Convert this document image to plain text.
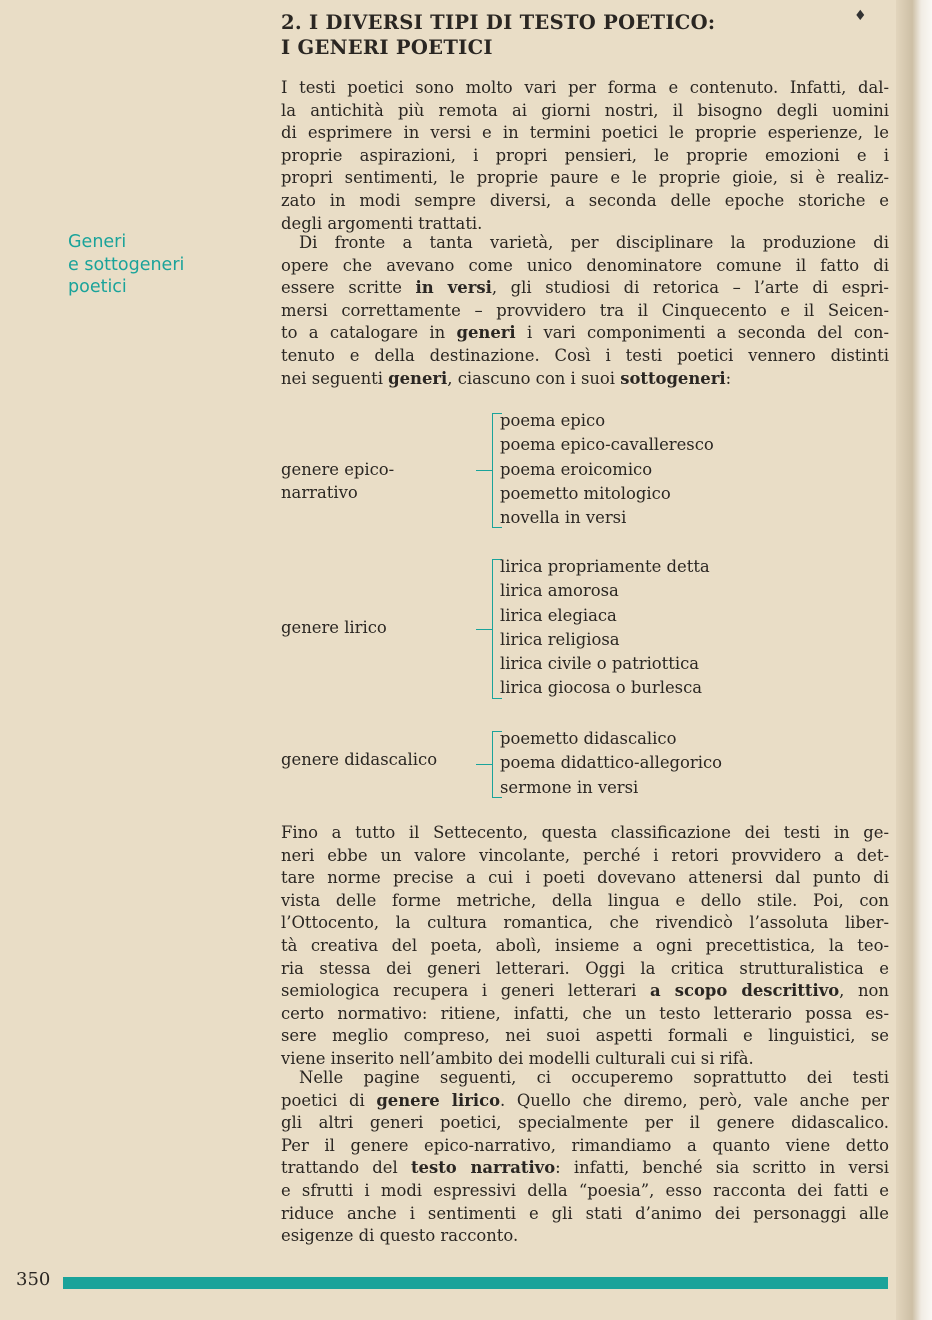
♦
2. I DIVERSI TIPI DI TESTO POETICO:
I GENERI POETICI
Generi
e sottogeneri
poetici
I testi poetici sono molto vari per forma e contenuto. Infatti, dal-
la antichità più remota ai giorni nostri, il bisogno degli uomini
di esprimere in versi e in termini poetici le proprie esperienze, le
proprie aspirazioni, i propri pensieri, le proprie emozioni e i
propri sentimenti, le proprie paure e le proprie gioie, si è realiz-
zato in modi sempre diversi, a seconda delle epoche storiche e
degli argomenti trattati.
Di fronte a tanta varietà, per disciplinare la produzione di
opere che avevano come unico denominatore comune il fatto di
essere scritte in versi, gli studiosi di retorica – l’arte di espri-
mersi correttamente – provvidero tra il Cinquecento e il Seicen-
to a catalogare in generi i vari componimenti a seconda del con-
tenuto e della destinazione. Così i testi poetici vennero distinti
nei seguenti generi, ciascuno con i suoi sottogeneri:
genere epico-
narrativo
poema epico
poema epico-cavalleresco
poema eroicomico
poemetto mitologico
novella in versi
genere lirico
lirica propriamente detta
lirica amorosa
lirica elegiaca
lirica religiosa
lirica civile o patriottica
lirica giocosa o burlesca
genere didascalico
poemetto didascalico
poema didattico-allegorico
sermone in versi
Fino a tutto il Settecento, questa classificazione dei testi in ge-
neri ebbe un valore vincolante, perché i retori provvidero a det-
tare norme precise a cui i poeti dovevano attenersi dal punto di
vista delle forme metriche, della lingua e dello stile. Poi, con
l’Ottocento, la cultura romantica, che rivendicò l’assoluta liber-
tà creativa del poeta, abolì, insieme a ogni precettistica, la teo-
ria stessa dei generi letterari. Oggi la critica strutturalistica e
semiologica recupera i generi letterari a scopo descrittivo, non
certo normativo: ritiene, infatti, che un testo letterario possa es-
sere meglio compreso, nei suoi aspetti formali e linguistici, se
viene inserito nell’ambito dei modelli culturali cui si rifà.
Nelle pagine seguenti, ci occuperemo soprattutto dei testi
poetici di genere lirico. Quello che diremo, però, vale anche per
gli altri generi poetici, specialmente per il genere didascalico.
Per il genere epico-narrativo, rimandiamo a quanto viene detto
trattando del testo narrativo: infatti, benché sia scritto in versi
e sfrutti i modi espressivi della “poesia”, esso racconta dei fatti e
riduce anche i sentimenti e gli stati d’animo dei personaggi alle
esigenze di questo racconto.
350
